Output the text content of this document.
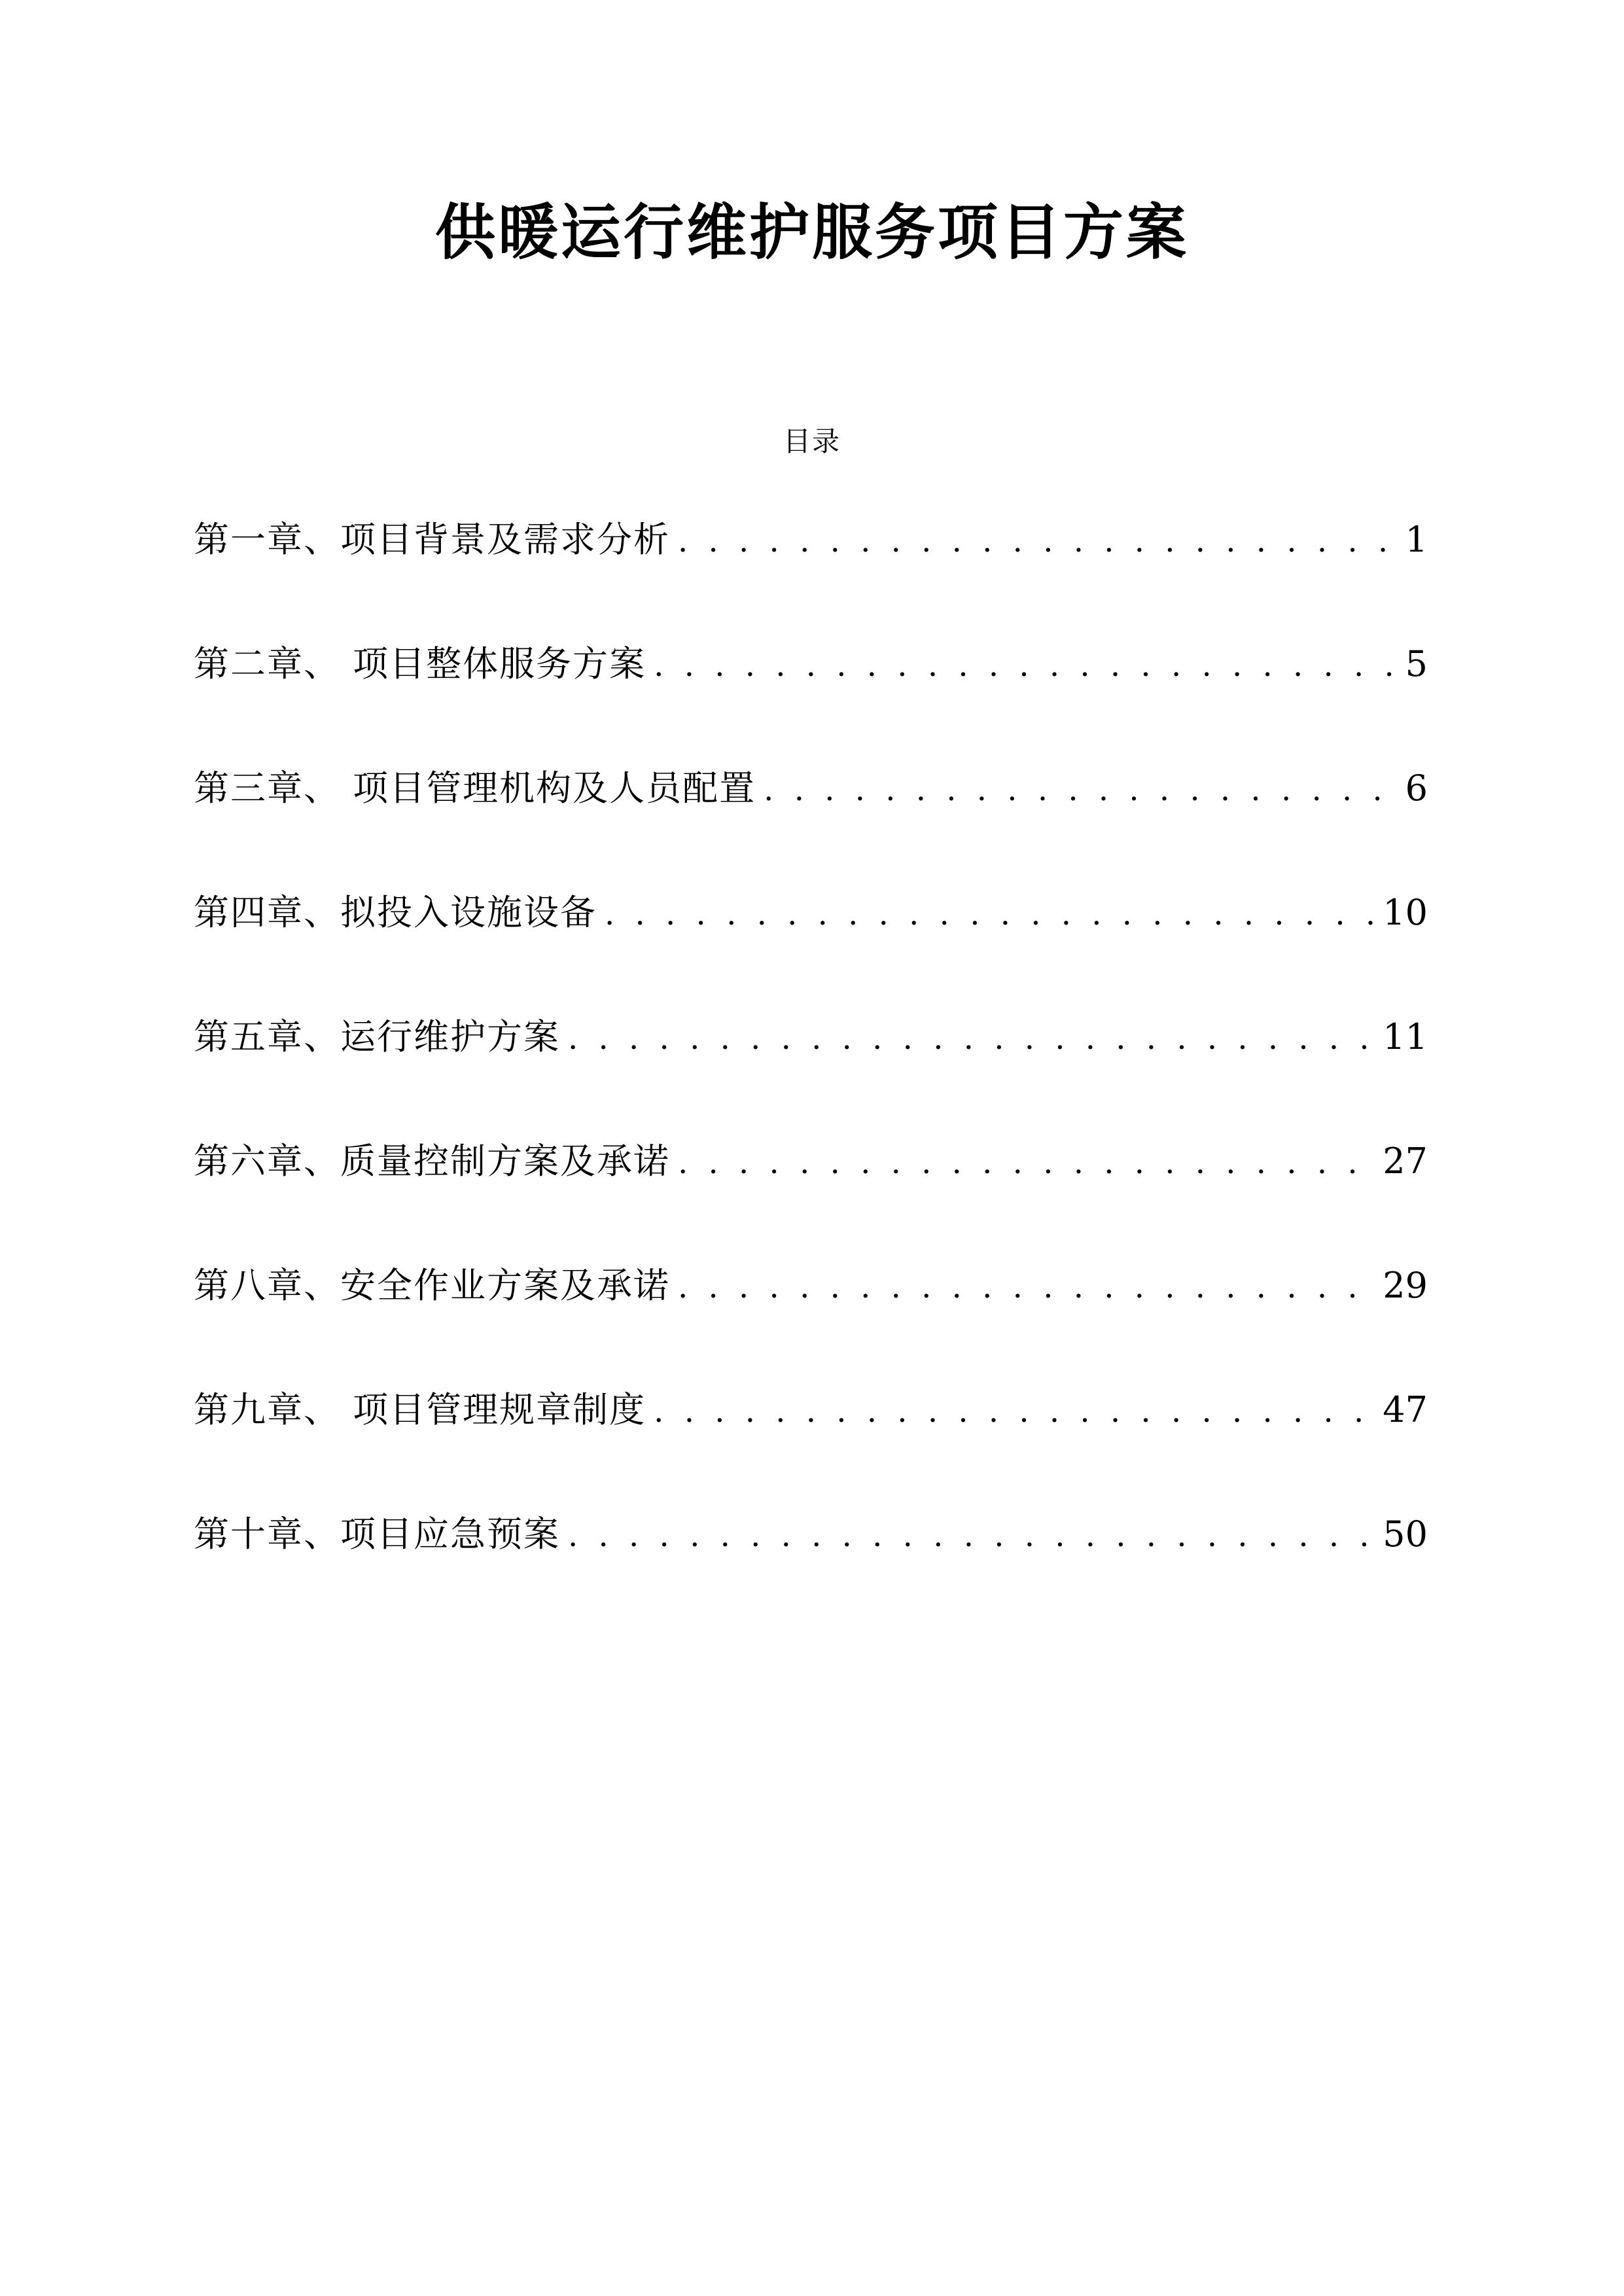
供暖运行维护服务项目方案
目录
第一章、项目背景及需求分析 . . .	1
第二章、 项目整体服务方案 . . .	5
第三章、 项目管理机构及人员配置 . . .	6
第四章、拟投入设施设备 . . .	10
第五章、运行维护方案 . . .	11
第六章、质量控制方案及承诺 . . .	27
第八章、安全作业方案及承诺 . . .	29
第九章、 项目管理规章制度 . . .	47
第十章、项目应急预案 . . .	50
